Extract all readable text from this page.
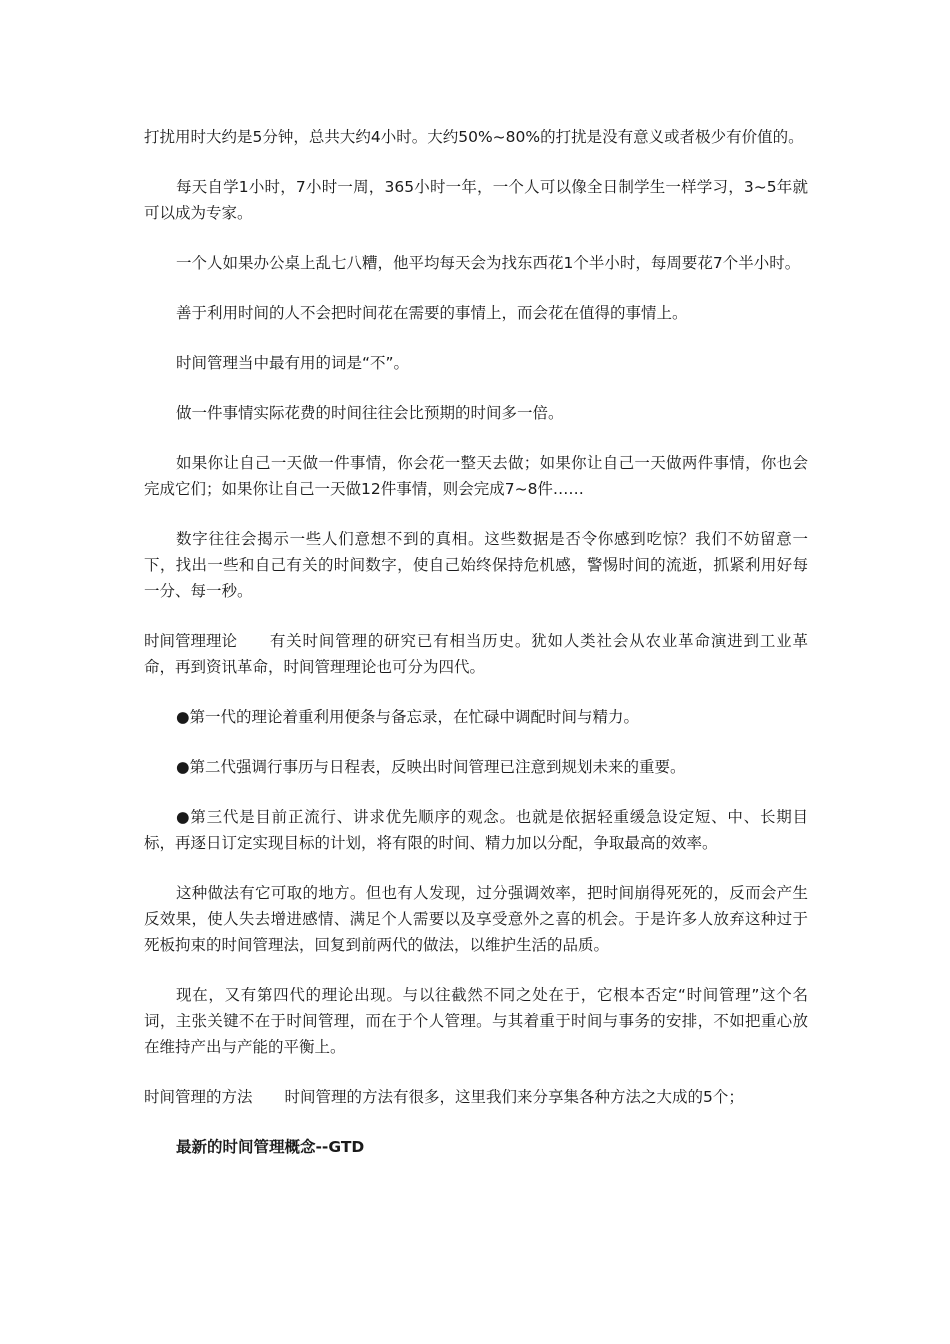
打扰用时大约是5分钟，总共大约4小时。大约50%~80%的打扰是没有意义或者极少有价值的。

每天自学1小时，7小时一周，365小时一年，一个人可以像全日制学生一样学习，3~5年就可以成为专家。

一个人如果办公桌上乱七八糟，他平均每天会为找东西花1个半小时，每周要花7个半小时。

善于利用时间的人不会把时间花在需要的事情上，而会花在值得的事情上。

时间管理当中最有用的词是“不”。

做一件事情实际花费的时间往往会比预期的时间多一倍。

如果你让自己一天做一件事情，你会花一整天去做；如果你让自己一天做两件事情，你也会完成它们；如果你让自己一天做12件事情，则会完成7~8件……

数字往往会揭示一些人们意想不到的真相。这些数据是否令你感到吃惊？我们不妨留意一下，找出一些和自己有关的时间数字，使自己始终保持危机感，警惕时间的流逝，抓紧利用好每一分、每一秒。

时间管理理论 有关时间管理的研究已有相当历史。犹如人类社会从农业革命演进到工业革命，再到资讯革命，时间管理理论也可分为四代。

●第一代的理论着重利用便条与备忘录，在忙碌中调配时间与精力。

●第二代强调行事历与日程表，反映出时间管理已注意到规划未来的重要。

●第三代是目前正流行、讲求优先顺序的观念。也就是依据轻重缓急设定短、中、长期目标，再逐日订定实现目标的计划，将有限的时间、精力加以分配，争取最高的效率。

这种做法有它可取的地方。但也有人发现，过分强调效率，把时间崩得死死的，反而会产生反效果，使人失去增进感情、满足个人需要以及享受意外之喜的机会。于是许多人放弃这种过于死板拘束的时间管理法，回复到前两代的做法，以维护生活的品质。

现在，又有第四代的理论出现。与以往截然不同之处在于，它根本否定“时间管理”这个名词，主张关键不在于时间管理，而在于个人管理。与其着重于时间与事务的安排，不如把重心放在维持产出与产能的平衡上。

时间管理的方法 时间管理的方法有很多，这里我们来分享集各种方法之大成的5个；

最新的时间管理概念--GTD
